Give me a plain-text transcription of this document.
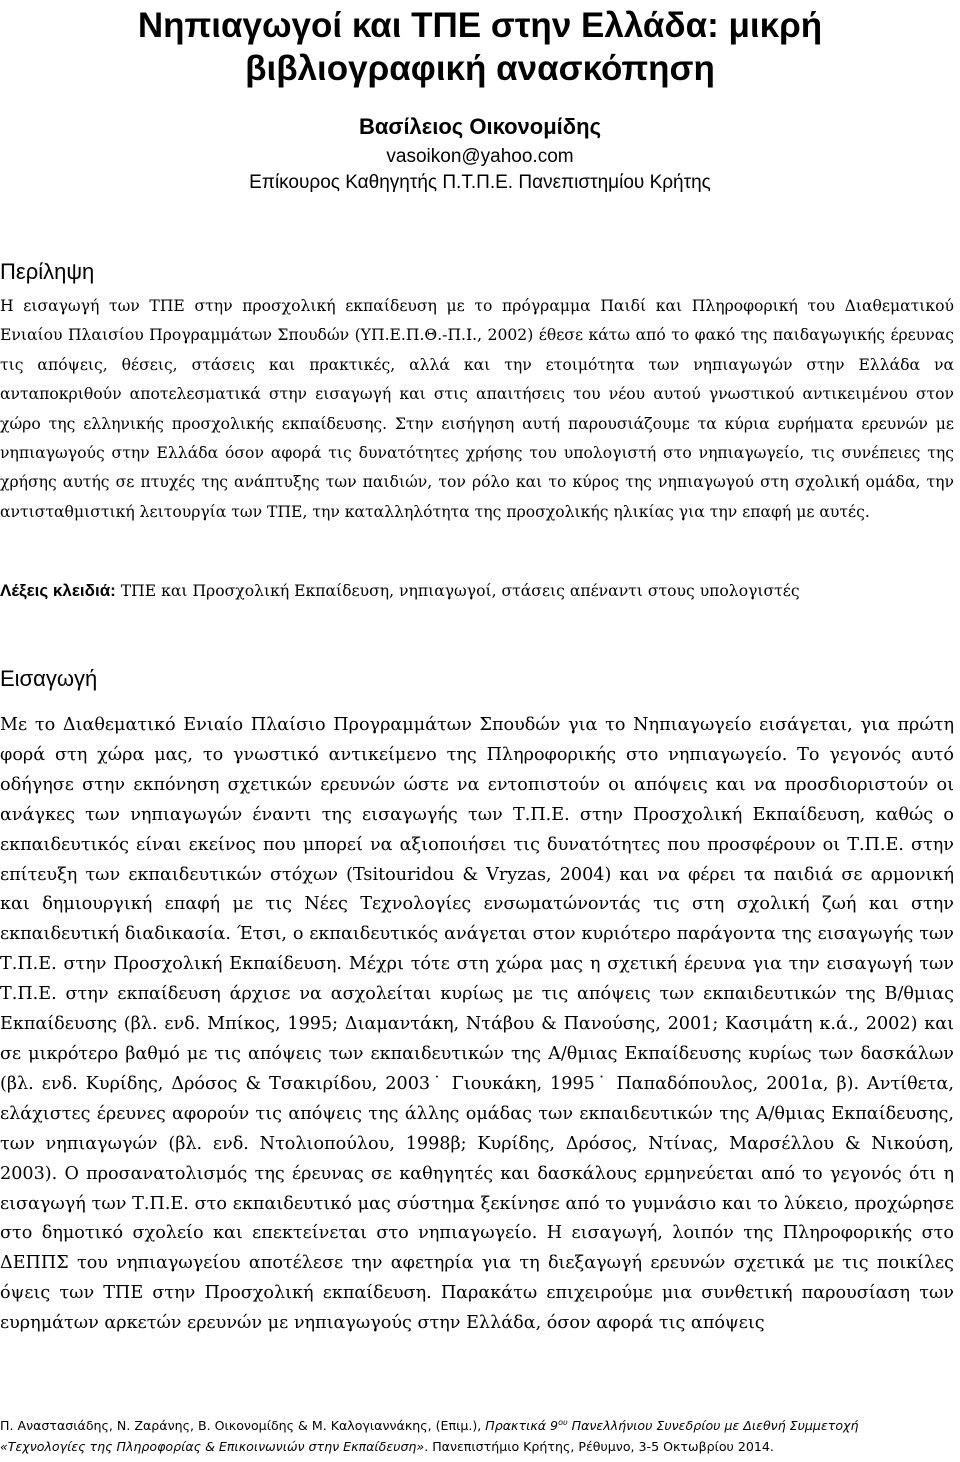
Νηπιαγωγοί και ΤΠΕ στην Ελλάδα: μικρή
βιβλιογραφική ανασκόπηση
Βασίλειος Οικονομίδης
vasoikon@yahoo.com
Επίκουρος Καθηγητής Π.Τ.Π.Ε. Πανεπιστημίου Κρήτης
Περίληψη

Η εισαγωγή των ΤΠΕ στην προσχολική εκπαίδευση με το πρόγραμμα Παιδί και Πληροφορική του Διαθεματικού Ενιαίου Πλαισίου Προγραμμάτων Σπουδών (ΥΠ.Ε.Π.Θ.-Π.Ι., 2002) έθεσε κάτω από το φακό της παιδαγωγικής έρευνας τις απόψεις, θέσεις, στάσεις και πρακτικές, αλλά και την ετοιμότητα των νηπιαγωγών στην Ελλάδα να ανταποκριθούν αποτελεσματικά στην εισαγωγή και στις απαιτήσεις του νέου αυτού γνωστικού αντικειμένου στον χώρο της ελληνικής προσχολικής εκπαίδευσης. Στην εισήγηση αυτή παρουσιάζουμε τα κύρια ευρήματα ερευνών με νηπιαγωγούς στην Ελλάδα όσον αφορά τις δυνατότητες χρήσης του υπολογιστή στο νηπιαγωγείο, τις συνέπειες της χρήσης αυτής σε πτυχές της ανάπτυξης των παιδιών, τον ρόλο και το κύρος της νηπιαγωγού στη σχολική ομάδα, την αντισταθμιστική λειτουργία των ΤΠΕ, την καταλληλότητα της προσχολικής ηλικίας για την επαφή με αυτές.

Λέξεις κλειδιά: ΤΠΕ και Προσχολική Εκπαίδευση, νηπιαγωγοί, στάσεις απέναντι στους υπολογιστές

Εισαγωγή

Με το Διαθεματικό Ενιαίο Πλαίσιο Προγραμμάτων Σπουδών για το Νηπιαγωγείο εισάγεται, για πρώτη φορά στη χώρα μας, το γνωστικό αντικείμενο της Πληροφορικής στο νηπιαγωγείο. Το γεγονός αυτό οδήγησε στην εκπόνηση σχετικών ερευνών ώστε να εντοπιστούν οι απόψεις και να προσδιοριστούν οι ανάγκες των νηπιαγωγών έναντι της εισαγωγής των Τ.Π.Ε. στην Προσχολική Εκπαίδευση, καθώς ο εκπαιδευτικός είναι εκείνος που μπορεί να αξιοποιήσει τις δυνατότητες που προσφέρουν οι Τ.Π.Ε. στην επίτευξη των εκπαιδευτικών στόχων (Tsitouridou & Vryzas, 2004) και να φέρει τα παιδιά σε αρμονική και δημιουργική επαφή με τις Νέες Τεχνολογίες ενσωματώνοντάς τις στη σχολική ζωή και στην εκπαιδευτική διαδικασία. Έτσι, ο εκπαιδευτικός ανάγεται στον κυριότερο παράγοντα της εισαγωγής των Τ.Π.Ε. στην Προσχολική Εκπαίδευση. Μέχρι τότε στη χώρα μας η σχετική έρευνα για την εισαγωγή των Τ.Π.Ε. στην εκπαίδευση άρχισε να ασχολείται κυρίως με τις απόψεις των εκπαιδευτικών της Β/θμιας Εκπαίδευσης (βλ. ενδ. Μπίκος, 1995; Διαμαντάκη, Ντάβου & Πανούσης, 2001; Κασιμάτη κ.ά., 2002) και σε μικρότερο βαθμό με τις απόψεις των εκπαιδευτικών της Α/θμιας Εκπαίδευσης κυρίως των δασκάλων (βλ. ενδ. Κυρίδης, Δρόσος & Τσακιρίδου, 2003˙ Γιουκάκη, 1995˙ Παπαδόπουλος, 2001α, β). Αντίθετα, ελάχιστες έρευνες αφορούν τις απόψεις της άλλης ομάδας των εκπαιδευτικών της Α/θμιας Εκπαίδευσης, των νηπιαγωγών (βλ. ενδ. Ντολιοπούλου, 1998β; Κυρίδης, Δρόσος, Ντίνας, Μαρσέλλου & Νικούση, 2003). Ο προσανατολισμός της έρευνας σε καθηγητές και δασκάλους ερμηνεύεται από το γεγονός ότι η εισαγωγή των Τ.Π.Ε. στο εκπαιδευτικό μας σύστημα ξεκίνησε από το γυμνάσιο και το λύκειο, προχώρησε στο δημοτικό σχολείο και επεκτείνεται στο νηπιαγωγείο. Η εισαγωγή, λοιπόν της Πληροφορικής στο ΔΕΠΠΣ του νηπιαγωγείου αποτέλεσε την αφετηρία για τη διεξαγωγή ερευνών σχετικά με τις ποικίλες όψεις των ΤΠΕ στην Προσχολική εκπαίδευση. Παρακάτω επιχειρούμε μια συνθετική παρουσίαση των ευρημάτων αρκετών ερευνών με νηπιαγωγούς στην Ελλάδα, όσον αφορά τις απόψεις

Π. Αναστασιάδης, Ν. Ζαράνης, Β. Οικονομίδης & Μ. Καλογιαννάκης, (Επιμ.), Πρακτικά $9^{o\upsilon}$ Πανελλήνιου Συνεδρίου με Διεθνή Συμμετοχή
«Τεχνολογίες της Πληροφορίας & Επικοινωνιών στην Εκπαίδευση». Πανεπιστήμιο Κρήτης, Ρέθυμνο, 3-5 Οκτωβρίου 2014.
